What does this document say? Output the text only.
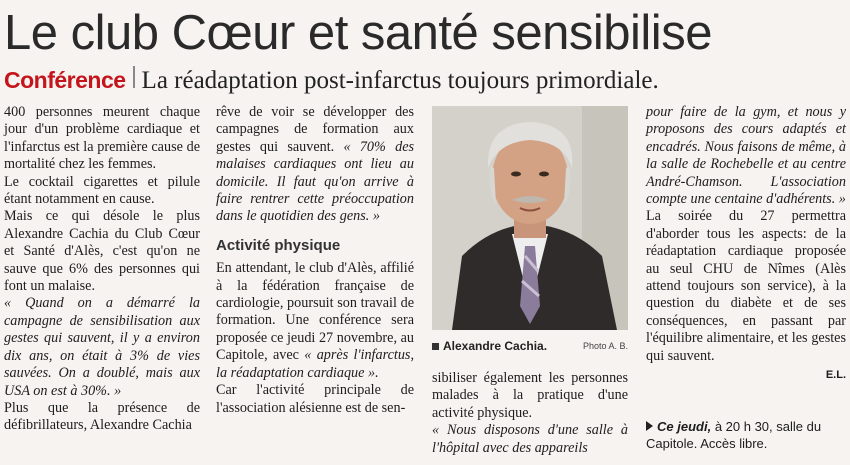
Le club Cœur et santé sensibilise
Conférence La réadaptation post-infarctus toujours primordiale.

400 personnes meurent chaque jour d'un problème cardiaque et l'infarctus est la première cause de mortalité chez les femmes.

Le cocktail cigarettes et pilule étant notamment en cause.

Mais ce qui désole le plus Alexandre Cachia du Club Cœur et Santé d'Alès, c'est qu'on ne sauve que 6% des personnes qui font un malaise.

« Quand on a démarré la campagne de sensibilisation aux gestes qui sauvent, il y a environ dix ans, on était à 3% de vies sauvées. On a doublé, mais aux USA on est à 30%. »

Plus que la présence de défibrillateurs, Alexandre Cachia

rêve de voir se développer des campagnes de formation aux gestes qui sauvent. « 70% des malaises cardiaques ont lieu au domicile. Il faut qu'on arrive à faire rentrer cette préoccupation dans le quotidien des gens. »

Activité physique

En attendant, le club d'Alès, affilié à la fédération française de cardiologie, poursuit son travail de formation. Une conférence sera proposée ce jeudi 27 novembre, au Capitole, avec « après l'infarctus, la réadaptation cardiaque ».

Car l'activité principale de l'association alésienne est de sen-

Alexandre Cachia.	Photo A. B.

sibiliser également les personnes malades à la pratique d'une activité physique.

« Nous disposons d'une salle à l'hôpital avec des appareils

pour faire de la gym, et nous y proposons des cours adaptés et encadrés. Nous faisons de même, à la salle de Rochebelle et au centre André-Chamson. L'association compte une centaine d'adhérents. »

La soirée du 27 permettra d'aborder tous les aspects: de la réadaptation cardiaque proposée au seul CHU de Nîmes (Alès attend toujours son service), à la question du diabète et de ses conséquences, en passant par l'équilibre alimentaire, et les gestes qui sauvent.

E.L.
Ce jeudi, à 20 h 30, salle du Capitole. Accès libre.
